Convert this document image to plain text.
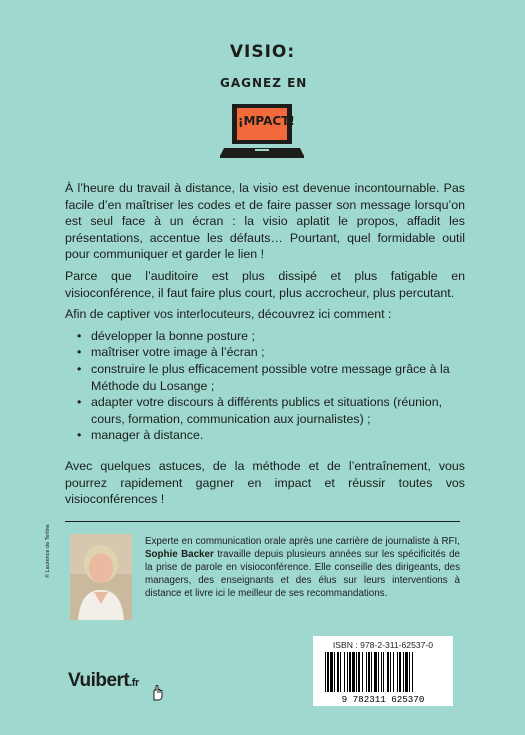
VISIO:
GAGNEZ EN
¡MPACT!

À l’heure du travail à distance, la visio est devenue incontournable. Pas facile d’en maîtriser les codes et de faire passer son message lorsqu’on est seul face à un écran : la visio aplatit le propos, affadit les présentations, accentue les défauts… Pourtant, quel formidable outil pour communiquer et garder le lien !

Parce que l’auditoire est plus dissipé et plus fatigable en visioconférence, il faut faire plus court, plus accrocheur, plus percutant.

Afin de captiver vos interlocuteurs, découvrez ici comment :

• développer la bonne posture ;
• maîtriser votre image à l’écran ;
• construire le plus efficacement possible votre message grâce à la Méthode du Losange ;
• adapter votre discours à différents publics et situations (réunion, cours, formation, communication aux journalistes) ;
• manager à distance.

Avec quelques astuces, de la méthode et de l’entraînement, vous pourrez rapidement gagner en impact et réussir toutes vos visioconférences !

© Laurence de Terline	Experte en communication orale après une carrière de journaliste à RFI, Sophie Backer travaille depuis plusieurs années sur les spécificités de la prise de parole en visioconférence. Elle conseille des dirigeants, des managers, des enseignants et des élus sur leurs interventions à distance et livre ici le meilleur de ses recommandations.
ISBN : 978-2-311-62537-0
9 782311 625370
Vuibert.fr
